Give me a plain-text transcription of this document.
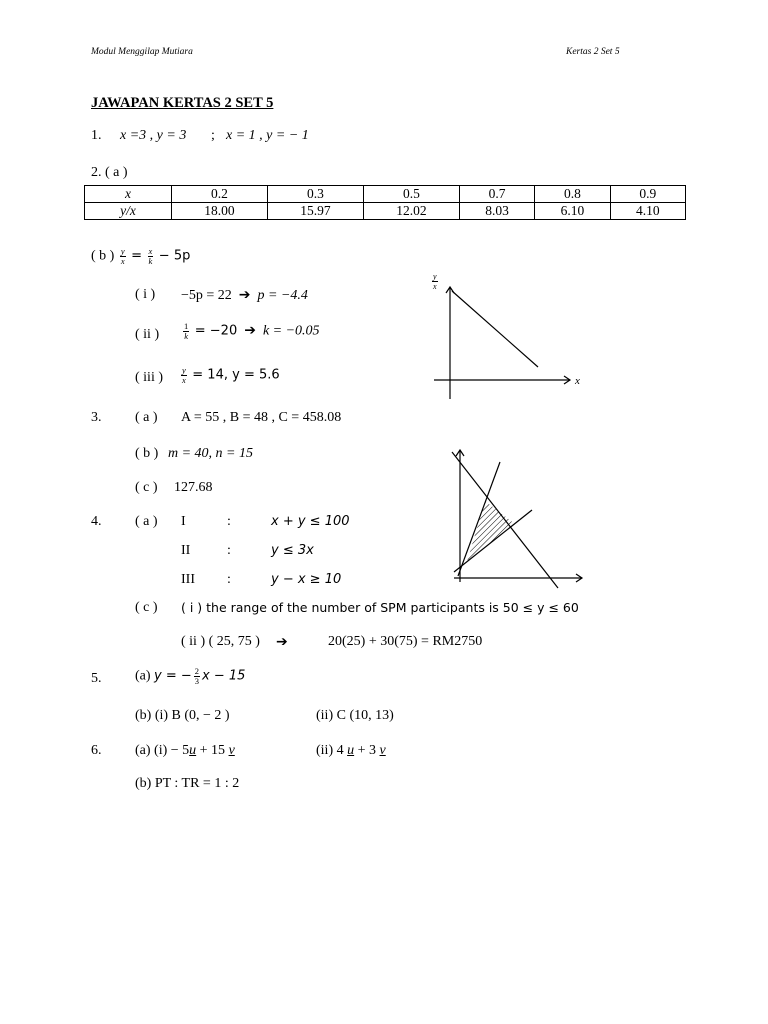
Modul Menggilap Mutiara	Kertas 2 Set 5
JAWAPAN KERTAS 2 SET 5
1. x =3 , y = 3 ; x = 1 , y = − 1
2. ( a )
x	0.2	0.3	0.5	0.7	0.8	0.9
y/x	18.00	15.97	12.02	8.03	6.10	4.10
( b ) $\frac{y}{x} = \frac{x}{k} - 5p$
( i ) −5p = 22 ➔ p = −4.4
( ii )	$\frac{1}{k} = -20$ ➔ k = −0.05
( iii ) $\frac{y}{x} = 14$, y = 5.6
$\frac{y}{x}$
x
3. ( a ) A = 55 , B = 48 , C = 458.08
( b ) m = 40, n = 15
( c ) 127.68
4. ( a ) I	:	x + y ≤ 100
II	:	y ≤ 3x
III :	y − x ≥ 10
( c ) ( i ) the range of the number of SPM participants is 50 ≤ y ≤ 60
( ii ) ( 25, 75 ) ➔	20(25) + 30(75) = RM2750
5. (a) y = − $\frac{2}{3}$ x − 15
(b) (i) B (0, − 2 )	(ii) C (10, 13)
6. (a) (i) − 5u + 15 v	(ii) 4 u + 3 v
(b) PT : TR = 1 : 2
